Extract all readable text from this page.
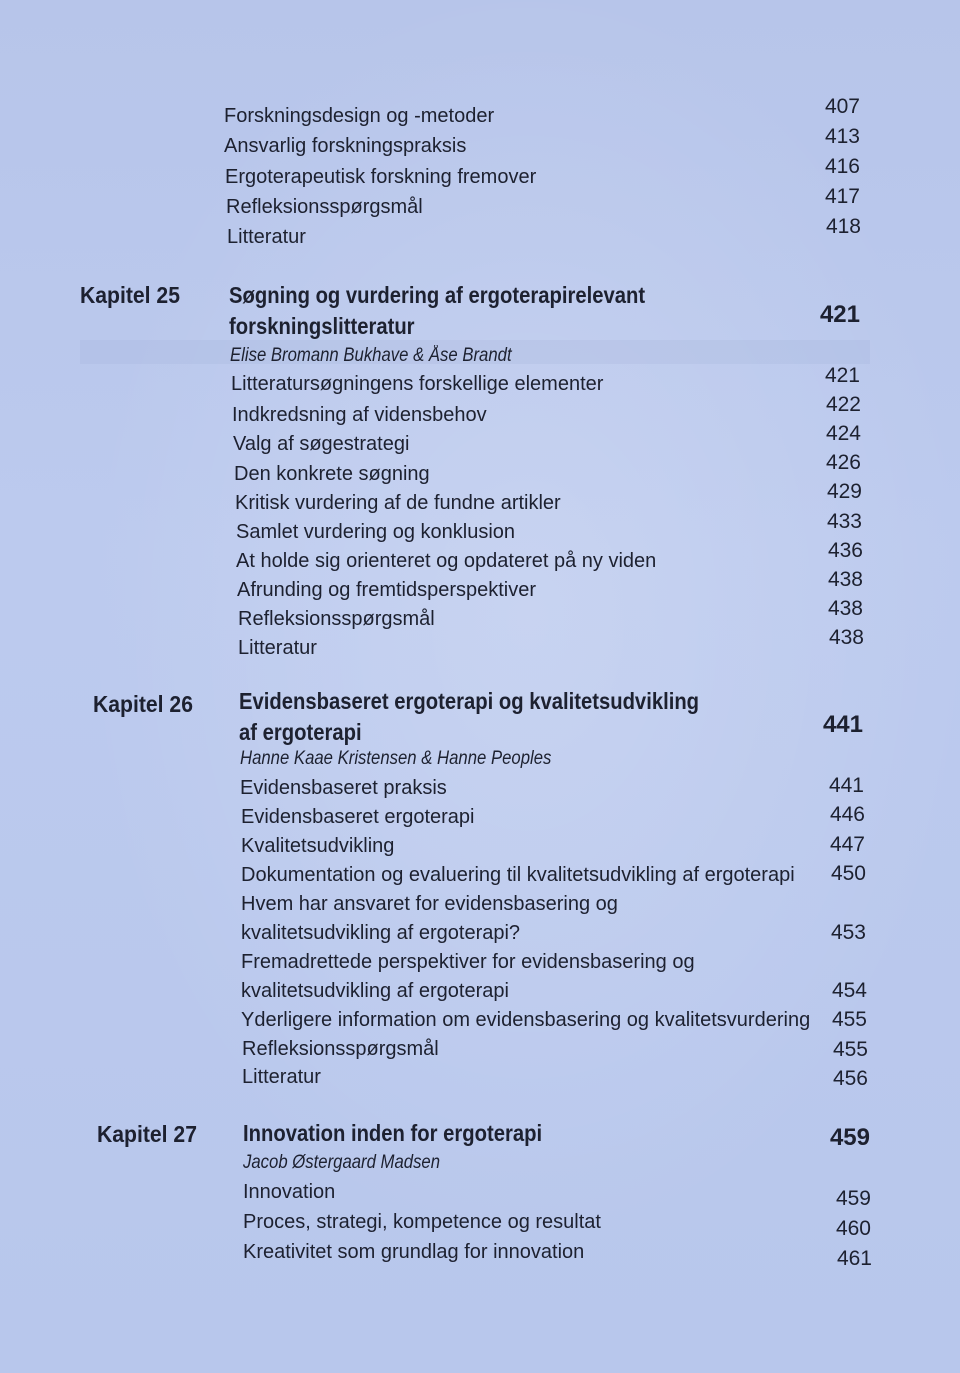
Forskningsdesign og -metoder	407
Ansvarlig forskningspraksis	413
Ergoterapeutisk forskning fremover	416
Refleksionsspørgsmål	417
Litteratur	418
Kapitel 25 Søgning og vurdering af ergoterapirelevant
forskningslitteratur	421
Elise Bromann Bukhave & Åse Brandt
Litteratursøgningens forskellige elementer	421
Indkredsning af vidensbehov	422
Valg af søgestrategi	424
Den konkrete søgning	426
Kritisk vurdering af de fundne artikler	429
Samlet vurdering og konklusion	433
At holde sig orienteret og opdateret på ny viden	436
Afrunding og fremtidsperspektiver	438
Refleksionsspørgsmål	438
Litteratur	438
Kapitel 26 Evidensbaseret ergoterapi og kvalitetsudvikling
af ergoterapi	441
Hanne Kaae Kristensen & Hanne Peoples
Evidensbaseret praksis	441
Evidensbaseret ergoterapi	446
Kvalitetsudvikling	447
Dokumentation og evaluering til kvalitetsudvikling af ergoterapi	450
Hvem har ansvaret for evidensbasering og
kvalitetsudvikling af ergoterapi?	453
Fremadrettede perspektiver for evidensbasering og
kvalitetsudvikling af ergoterapi	454
Yderligere information om evidensbasering og kvalitetsvurdering	455
Refleksionsspørgsmål	455
Litteratur	456
Kapitel 27 Innovation inden for ergoterapi	459
Jacob Østergaard Madsen
Innovation	459
Proces, strategi, kompetence og resultat	460
Kreativitet som grundlag for innovation	461
